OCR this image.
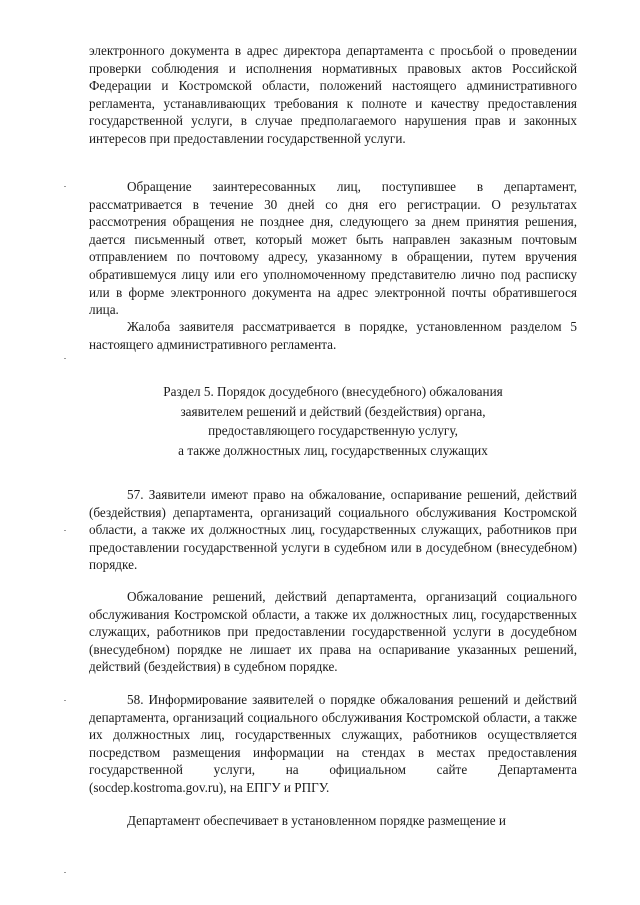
электронного документа в адрес директора департамента с просьбой о проведении проверки соблюдения и исполнения нормативных правовых актов Российской Федерации и Костромской области, положений настоящего административного регламента, устанавливающих требования к полноте и качеству предоставления государственной услуги, в случае предполагаемого нарушения прав и законных интересов при предоставлении государственной услуги.

Обращение заинтересованных лиц, поступившее в департамент, рассматривается в течение 30 дней со дня его регистрации. О результатах рассмотрения обращения не позднее дня, следующего за днем принятия решения, дается письменный ответ, который может быть направлен заказным почтовым отправлением по почтовому адресу, указанному в обращении, путем вручения обратившемуся лицу или его уполномоченному представителю лично под расписку или в форме электронного документа на адрес электронной почты обратившегося лица.

Жалоба заявителя рассматривается в порядке, установленном разделом 5 настоящего административного регламента.

Раздел 5. Порядок досудебного (внесудебного) обжалования
заявителем решений и действий (бездействия) органа,
предоставляющего государственную услугу,
а также должностных лиц, государственных служащих

57. Заявители имеют право на обжалование, оспаривание решений, действий (бездействия) департамента, организаций социального обслуживания Костромской области, а также их должностных лиц, государственных служащих, работников при предоставлении государственной услуги в судебном или в досудебном (внесудебном) порядке.

Обжалование решений, действий департамента, организаций социального обслуживания Костромской области, а также их должностных лиц, государственных служащих, работников при предоставлении государственной услуги в досудебном (внесудебном) порядке не лишает их права на оспаривание указанных решений, действий (бездействия) в судебном порядке.

58. Информирование заявителей о порядке обжалования решений и действий департамента, организаций социального обслуживания Костромской области, а также их должностных лиц, государственных служащих, работников осуществляется посредством размещения информации на стендах в местах предоставления государственной услуги, на официальном сайте Департамента (socdep.kostroma.gov.ru), на ЕПГУ и РПГУ.

Департамент обеспечивает в установленном порядке размещение и
